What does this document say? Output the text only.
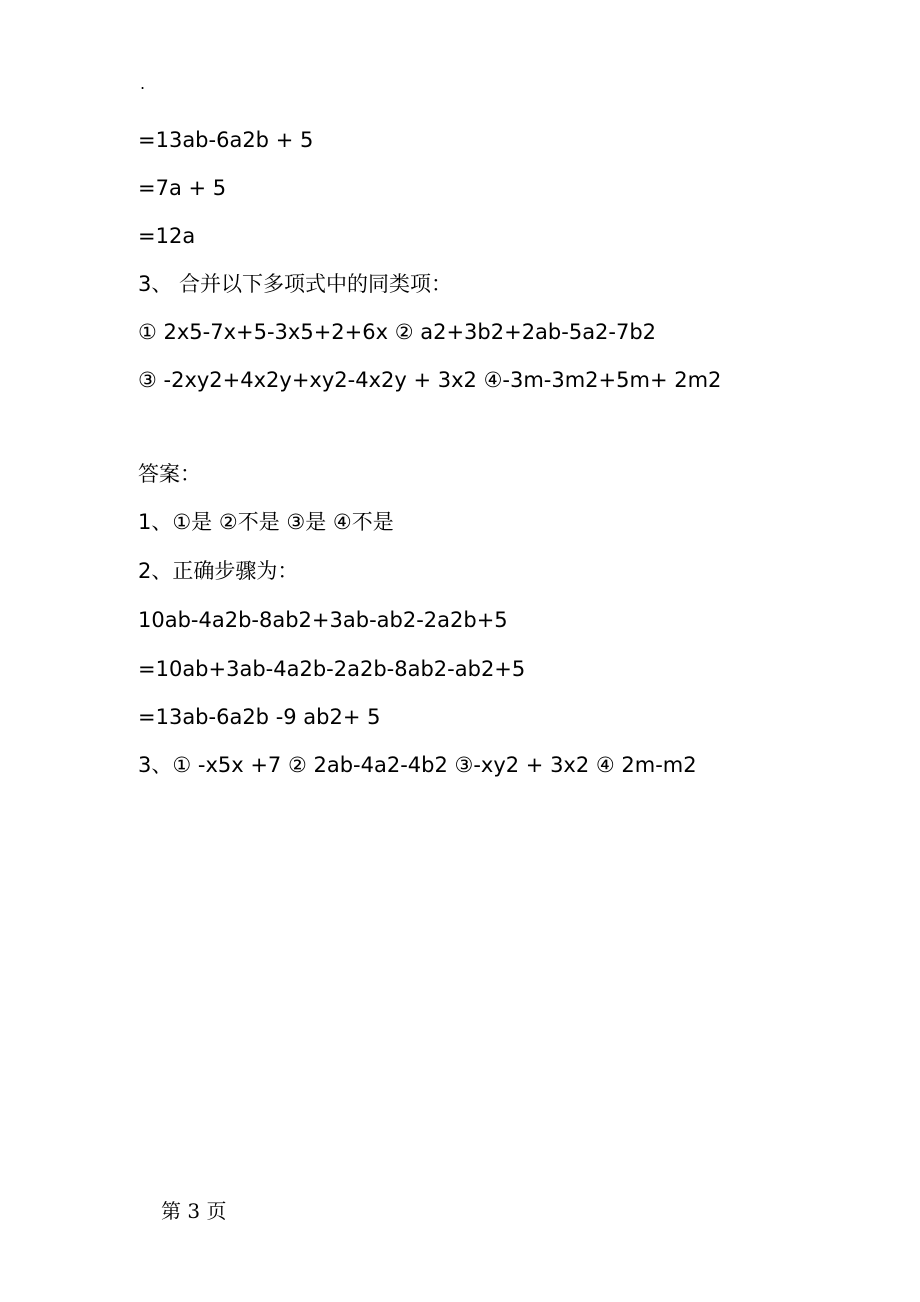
.
=13ab-6a2b + 5
=7a + 5
=12a
3、 合并以下多项式中的同类项：
① 2x5-7x+5-3x5+2+6x ② a2+3b2+2ab-5a2-7b2
③ -2xy2+4x2y+xy2-4x2y + 3x2 ④-3m-3m2+5m+ 2m2
答案：
1、①是 ②不是 ③是 ④不是
2、正确步骤为：
10ab-4a2b-8ab2+3ab-ab2-2a2b+5
=10ab+3ab-4a2b-2a2b-8ab2-ab2+5
=13ab-6a2b -9 ab2+ 5
3、① -x5x +7 ② 2ab-4a2-4b2 ③-xy2 + 3x2 ④ 2m-m2
第 3 页
